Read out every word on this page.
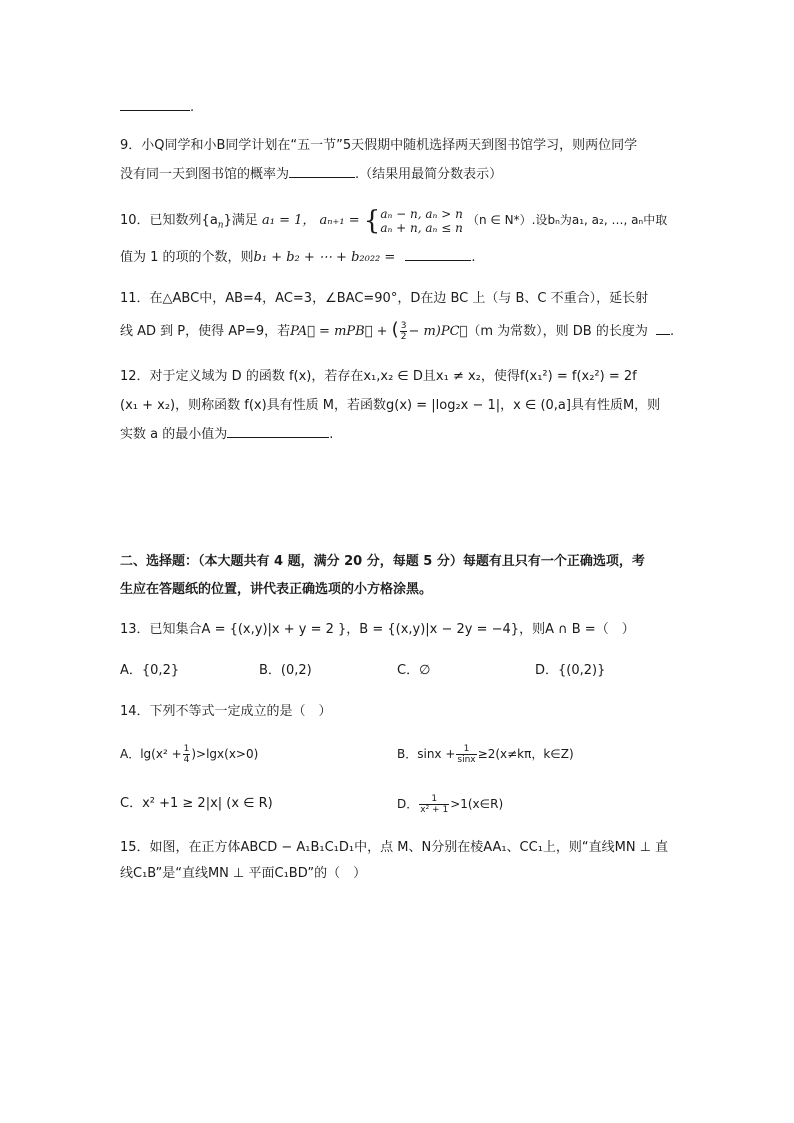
.
9．小Q同学和小B同学计划在“五一节”5天假期中随机选择两天到图书馆学习，则两位同学
没有同一天到图书馆的概率为	.（结果用最简分数表示）
10．已知数列$\{a_n\}$满足 a₁ = 1， aₙ₊₁ = { aₙ − n, aₙ > n
aₙ + n, aₙ ≤ n
（n ∈ N*）.设bₙ为a₁, a₂, …, aₙ中取
值为 1 的项的个数，则b₁ + b₂ + ⋯ + b₂₀₂₂ =	.
11．在△ABC中，AB=4，AC=3，∠BAC=90°，D在边 BC 上（与 B、C 不重合），延长射
线 AD 到 P，使得 AP=9，若PA⃗ = mPB⃗ + ( $\frac{3}{2}$ − m)PC⃗（m 为常数），则 DB 的长度为 .
12．对于定义域为 D 的函数 f(x)，若存在x₁,x₂ ∈ D且x₁ ≠ x₂，使得f(x₁²) = f(x₂²) = 2f
(x₁ + x₂)，则称函数 f(x)具有性质 M，若函数g(x) = |log₂x − 1|，x ∈ (0,a]具有性质M，则
实数 a 的最小值为	.
二、选择题：（本大题共有 4 题，满分 20 分，每题 5 分）每题有且只有一个正确选项，考
生应在答题纸的位置，讲代表正确选项的小方格涂黑。
13．已知集合A = {(x,y)|x + y = 2 }，B = {(x,y)|x − 2y = −4}，则A ∩ B =（　）
A．{0,2}	B．(0,2)	C．∅	D．{(0,2)}
14．下列不等式一定成立的是（　）
A．$\lg(x^2 + \frac{1}{4} )>\lg x(x>0)$	B．$\sin x + \frac{1}{\sin x} \ge 2(x\ne k\pi$，k∈Z)
C．x² +1 ≥ 2|x| (x ∈ R)	D． $\frac{1}{\text{x² + 1}}$ >1(x∈R)
15．如图，在正方体ABCD − A₁B₁C₁D₁中，点 M、N分别在棱AA₁、CC₁上，则“直线MN ⊥ 直
线C₁B”是“直线MN ⊥ 平面C₁BD”的（　）
